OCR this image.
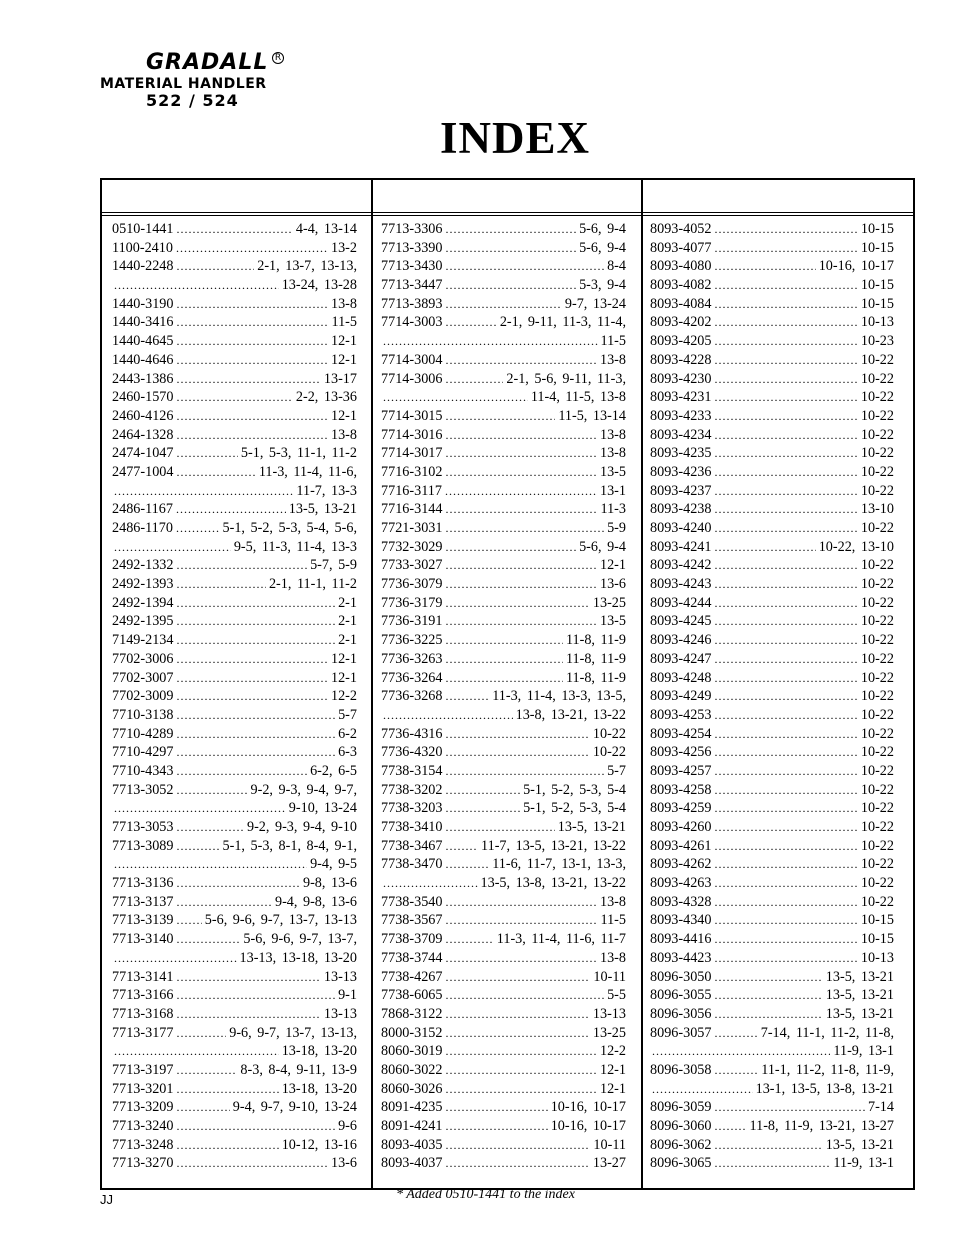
GRADALL R
MATERIAL HANDLER
522 / 524
INDEX
0510-1441 .....	4-4, 13-14
1100-2410 .....	13-2
1440-2248 .....	2-1, 13-7, 13-13,
.....
13-24, 13-28
1440-3190 .....	13-8
1440-3416 .....	11-5
1440-4645 .....	12-1
1440-4646 .....	12-1
2443-1386 .....	13-17
2460-1570 .....	2-2, 13-36
2460-4126 .....	12-1
2464-1328 .....	13-8
2474-1047 .....	5-1, 5-3, 11-1, 11-2
2477-1004 .....	11-3, 11-4, 11-6,
.....
11-7, 13-3
2486-1167 .....	13-5, 13-21
2486-1170 .....	5-1, 5-2, 5-3, 5-4, 5-6,
.....
9-5, 11-3, 11-4, 13-3
2492-1332 .....	5-7, 5-9
2492-1393 .....	2-1, 11-1, 11-2
2492-1394 .....	2-1
2492-1395 .....	2-1
7149-2134 .....	2-1
7702-3006 .....	12-1
7702-3007 .....	12-1
7702-3009 .....	12-2
7710-3138 .....	5-7
7710-4289 .....	6-2
7710-4297 .....	6-3
7710-4343 .....	6-2, 6-5
7713-3052 .....	9-2, 9-3, 9-4, 9-7,
.....
9-10, 13-24
7713-3053 .....	9-2, 9-3, 9-4, 9-10
7713-3089 .....	5-1, 5-3, 8-1, 8-4, 9-1,
.....
9-4, 9-5
7713-3136 .....	9-8, 13-6
7713-3137 .....	9-4, 9-8, 13-6
7713-3139 ..... 5-6, 9-6, 9-7, 13-7, 13-13
7713-3140 .....	5-6, 9-6, 9-7, 13-7,
.....
13-13, 13-18, 13-20
7713-3141 .....	13-13
7713-3166 .....	9-1
7713-3168 .....	13-13
7713-3177 .....	9-6, 9-7, 13-7, 13-13,
.....
13-18, 13-20
7713-3197 .....	8-3, 8-4, 9-11, 13-9
7713-3201 .....	13-18, 13-20
7713-3209 .....	9-4, 9-7, 9-10, 13-24
7713-3240 .....	9-6
7713-3248 .....	10-12, 13-16
7713-3270 .....	13-6
7713-3306 .....	5-6, 9-4
7713-3390 .....	5-6, 9-4
7713-3430 .....	8-4
7713-3447 .....	5-3, 9-4
7713-3893 .....	9-7, 13-24
7714-3003 .....	2-1, 9-11, 11-3, 11-4,
.....
11-5
7714-3004 .....	13-8
7714-3006 .....	2-1, 5-6, 9-11, 11-3,
.....
11-4, 11-5, 13-8
7714-3015 .....	11-5, 13-14
7714-3016 .....	13-8
7714-3017 .....	13-8
7716-3102 .....	13-5
7716-3117 .....	13-1
7716-3144 .....	11-3
7721-3031 .....	5-9
7732-3029 .....	5-6, 9-4
7733-3027 .....	12-1
7736-3079 .....	13-6
7736-3179 .....	13-25
7736-3191 .....	13-5
7736-3225 .....	11-8, 11-9
7736-3263 .....	11-8, 11-9
7736-3264 .....	11-8, 11-9
7736-3268 .....	11-3, 11-4, 13-3, 13-5,
.....
13-8, 13-21, 13-22
7736-4316 .....	10-22
7736-4320 .....	10-22
7738-3154 .....	5-7
7738-3202 .....	5-1, 5-2, 5-3, 5-4
7738-3203 .....	5-1, 5-2, 5-3, 5-4
7738-3410 .....	13-5, 13-21
7738-3467 .....	11-7, 13-5, 13-21, 13-22
7738-3470 .....	11-6, 11-7, 13-1, 13-3,
.....
13-5, 13-8, 13-21, 13-22
7738-3540 .....	13-8
7738-3567 .....	11-5
7738-3709 .....	11-3, 11-4, 11-6, 11-7
7738-3744 .....	13-8
7738-4267 .....	10-11
7738-6065 .....	5-5
7868-3122 .....	13-13
8000-3152 .....	13-25
8060-3019 .....	12-2
8060-3022 .....	12-1
8060-3026 .....	12-1
8091-4235 .....	10-16, 10-17
8091-4241 .....	10-16, 10-17
8093-4035 .....	10-11
8093-4037 .....	13-27
8093-4052 .....	10-15
8093-4077 .....	10-15
8093-4080 .....	10-16, 10-17
8093-4082 .....	10-15
8093-4084 .....	10-15
8093-4202 .....	10-13
8093-4205 .....	10-23
8093-4228 .....	10-22
8093-4230 .....	10-22
8093-4231 .....	10-22
8093-4233 .....	10-22
8093-4234 .....	10-22
8093-4235 .....	10-22
8093-4236 .....	10-22
8093-4237 .....	10-22
8093-4238 .....	13-10
8093-4240 .....	10-22
8093-4241 .....	10-22, 13-10
8093-4242 .....	10-22
8093-4243 .....	10-22
8093-4244 .....	10-22
8093-4245 .....	10-22
8093-4246 .....	10-22
8093-4247 .....	10-22
8093-4248 .....	10-22
8093-4249 .....	10-22
8093-4253 .....	10-22
8093-4254 .....	10-22
8093-4256 .....	10-22
8093-4257 .....	10-22
8093-4258 .....	10-22
8093-4259 .....	10-22
8093-4260 .....	10-22
8093-4261 .....	10-22
8093-4262 .....	10-22
8093-4263 .....	10-22
8093-4328 .....	10-22
8093-4340 .....	10-15
8093-4416 .....	10-15
8093-4423 .....	10-13
8096-3050 .....	13-5, 13-21
8096-3055 .....	13-5, 13-21
8096-3056 .....	13-5, 13-21
8096-3057 .....	7-14, 11-1, 11-2, 11-8,
.....
11-9, 13-1
8096-3058 .....	11-1, 11-2, 11-8, 11-9,
.....
13-1, 13-5, 13-8, 13-21
8096-3059 .....	7-14
8096-3060 .....	11-8, 11-9, 13-21, 13-27
8096-3062 .....	13-5, 13-21
8096-3065 .....	11-9, 13-1
JJ	* Added 0510-1441 to the index
